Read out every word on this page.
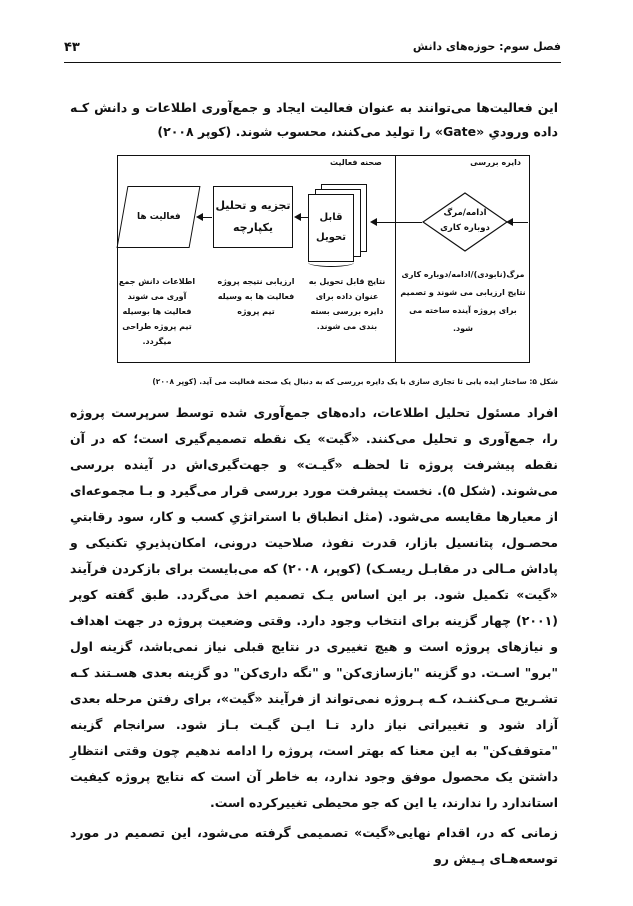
فصل سوم: حوزه‌های دانش
۴۳

این فعالیت‌ها می‌توانند به عنوان فعالیت ایجاد و جمع‌آوری اطلاعات و دانش کـه داده ورودیِ «Gate» را تولید می‌کنند، محسوب شوند. (کوپر ۲۰۰۸)

صحنه فعالیت	دایره بررسی
فعالیت ها
تجزیه و تحلیل
یکپارچه
قابل
تحویل
ادامه/مرگ
دوباره کاری
اطلاعات دانش جمع آوری می شوند فعالیت ها بوسیله تیم پروژه طراحی میگردد.
ارزیابی نتیجه پروژه فعالیت ها به وسیله تیم پروژه
نتایج قابل تحویل به عنوان داده برای دایره بررسی بسته بندی می شوند.
مرگ(نابودی)/ادامه/دوباره کاری نتایج ارزیابی می شوند و تصمیم برای پروژه آینده ساخته می شود.
شکل ۵: ساختار ایده یابی تا تجاری سازی با یک دایره بررسی که به دنبال یک صحنه فعالیت می آید. (کوپر ۲۰۰۸)

افراد مسئول تحلیل اطلاعات، داده‌های جمع‌آوری شده توسط سرپرست پروژه را، جمع‌آوری و تحلیل می‌کنند. «گیت» یک نقطه تصمیم‌گیری است؛ که در آن نقطه پیشرفت پروژه تا لحظـه «گیـت» و جهت‌گیری‌اش در آینده بررسی می‌شوند. (شکل ۵). نخست پیشرفت مورد بررسی قرار می‌گیرد و بـا مجموعه‌ای از معیارها مقایسه می‌شود. (مثل انطباق با استراتژیِ کسب و کار، سود رقابتیِ محصـول، پتانسیل بازار، قدرت نفوذ، صلاحیت درونی، امکان‌پذیریِ تکنیکی و پاداش مـالی در مقابـل ریسـک) (کوپر، ۲۰۰۸) که می‌بایست برای بازکردن فرآیند «گیت» تکمیل شود. بر این اساس یـک تصمیم اخذ می‌گردد. طبق گفته کوپر (۲۰۰۱) چهار گزینه برای انتخاب وجود دارد. وقتی وضعیت پروژه در جهت اهداف و نیازهای پروژه است و هیچ تغییری در نتایج قبلی نیاز نمی‌باشد، گزینه اول "برو" اسـت. دو گزینه "بازسازی‌کن" و "نگه داری‌کن" دو گزینه بعدی هسـتند کـه تشـریح مـی‌کننـد، کـه پـروژه نمی‌تواند از فرآیند «گیت»، برای رفتن مرحله بعدی آزاد شود و تغییراتی نیاز دارد تـا ایـن گیـت بـاز شود. سرانجام گزینه "متوقف‌کن" به این معنا که بهتر است، پروژه را ادامه ندهیم چون وقتی انتظارِ داشتن یک محصول موفق وجود ندارد، به خاطر آن است که نتایج پروژه کیفیت استاندارد را ندارند، یا این که جو محیطی تغییرکرده است.

زمانی که در، اقدام نهایی«گیت» تصمیمی گرفته می‌شود، این تصمیم در مورد توسعه‌هـای پـیش رو
